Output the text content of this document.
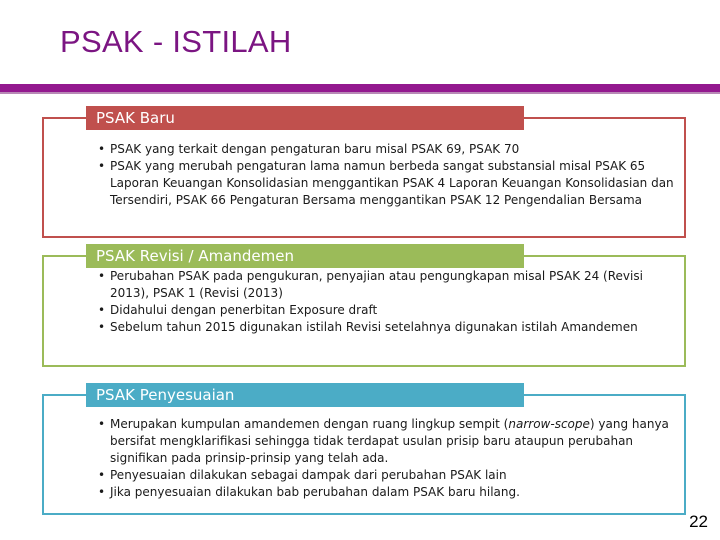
PSAK - ISTILAH
• PSAK yang terkait dengan pengaturan baru misal PSAK 69, PSAK 70
• PSAK yang merubah pengaturan lama namun berbeda sangat substansial misal PSAK 65 Laporan Keuangan Konsolidasian menggantikan PSAK 4 Laporan Keuangan Konsolidasian dan Tersendiri, PSAK 66 Pengaturan Bersama menggantikan PSAK 12 Pengendalian Bersama
PSAK Baru
• Perubahan PSAK pada pengukuran, penyajian atau pengungkapan misal PSAK 24 (Revisi 2013), PSAK 1 (Revisi (2013)
• Didahului dengan penerbitan Exposure draft
• Sebelum tahun 2015 digunakan istilah Revisi setelahnya digunakan istilah Amandemen
PSAK Revisi / Amandemen
• Merupakan kumpulan amandemen dengan ruang lingkup sempit (narrow-scope) yang hanya bersifat mengklarifikasi sehingga tidak terdapat usulan prisip baru ataupun perubahan signifikan pada prinsip-prinsip yang telah ada.
• Penyesuaian dilakukan sebagai dampak dari perubahan PSAK lain
• Jika penyesuaian dilakukan bab perubahan dalam PSAK baru hilang.
PSAK Penyesuaian
22
